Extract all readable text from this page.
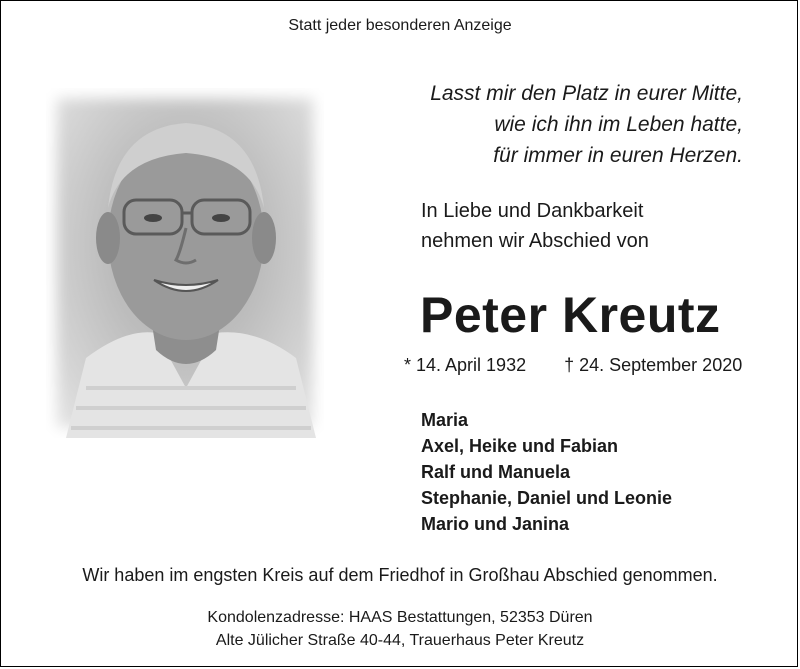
Statt jeder besonderen Anzeige
Lasst mir den Platz in eurer Mitte,
wie ich ihn im Leben hatte,
für immer in euren Herzen.
In Liebe und Dankbarkeit
nehmen wir Abschied von
Peter Kreutz
* 14. April 1932 † 24. September 2020
Maria
Axel, Heike und Fabian
Ralf und Manuela
Stephanie, Daniel und Leonie
Mario und Janina
Wir haben im engsten Kreis auf dem Friedhof in Großhau Abschied genommen.
Kondolenzadresse: HAAS Bestattungen, 52353 Düren
Alte Jülicher Straße 40-44, Trauerhaus Peter Kreutz
